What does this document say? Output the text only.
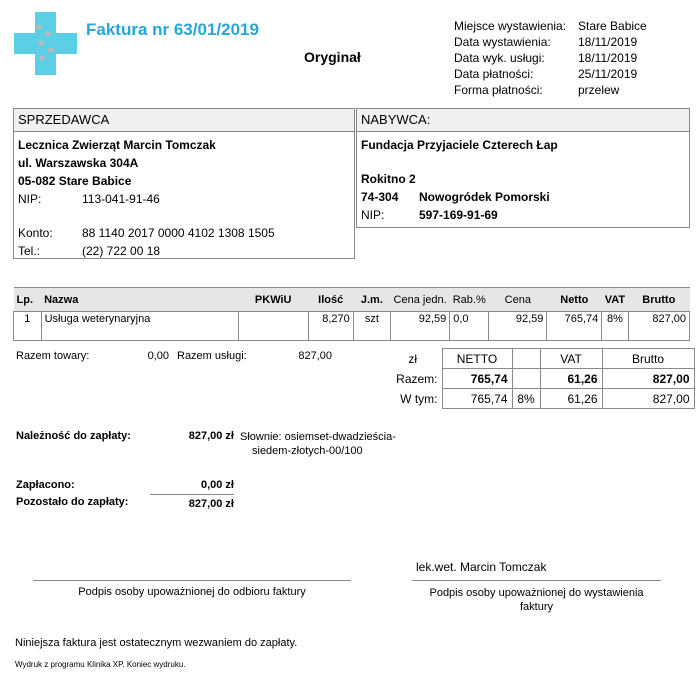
Faktura nr 63/01/2019
Oryginał
Miejsce wystawienia: Stare Babice
Data wystawienia:	18/11/2019
Data wyk. usługi:	18/11/2019
Data płatności:	25/11/2019
Forma płatności:	przelew
SPRZEDAWCA
Lecznica Zwierząt Marcin Tomczak
ul. Warszawska 304A
05-082 Stare Babice
NIP:	113-041-91-46
Konto:	88 1140 2017 0000 4102 1308 1505
Tel.:	(22) 722 00 18
NABYWCA:
Fundacja Przyjaciele Czterech Łap
Rokitno 2
74-304	Nowogródek Pomorski
NIP:	597-169-91-69
Lp.	Nazwa	PKWiU	Ilość	J.m.	Cena jedn.	Rab.%	Cena	Netto	VAT	Brutto
1	Usługa weterynaryjna		8,270	szt	92,59	0,0	92,59	765,74	8%	827,00
Razem towary:	0,00 Razem usługi:	827,00	zł	NETTO		VAT	Brutto
Razem:	765,74		61,26	827,00
W tym:	765,74	8%	61,26	827,00
Należność do zapłaty:	827,00 zł Słownie: osiemset-dwadzieścia-
siedem-złotych-00/100
Zapłacono:	0,00 zł
Pozostało do zapłaty:	827,00 zł
lek.wet. Marcin Tomczak
Podpis osoby upoważnionej do odbioru faktury	Podpis osoby upoważnionej do wystawienia
faktury
Niniejsza faktura jest ostatecznym wezwaniem do zapłaty.
Wydruk z programu Klinika XP. Koniec wydruku.
